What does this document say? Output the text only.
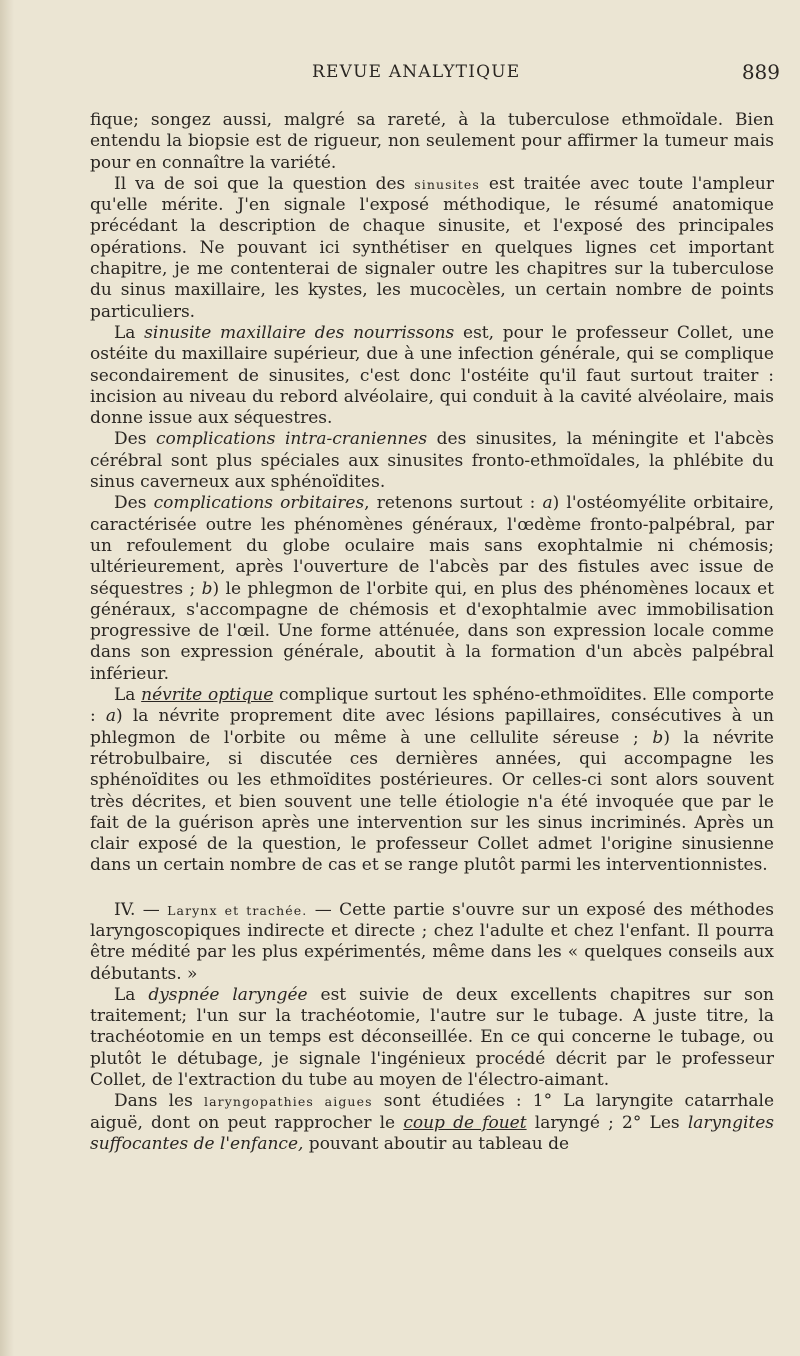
REVUE ANALYTIQUE	889

fique; songez aussi, malgré sa rareté, à la tuberculose ethmoïdale. Bien entendu la biopsie est de rigueur, non seulement pour affirmer la tumeur mais pour en connaître la variété.

Il va de soi que la question des sinusites est traitée avec toute l'ampleur qu'elle mérite. J'en signale l'exposé méthodique, le résumé anatomique précédant la description de chaque sinusite, et l'exposé des principales opérations. Ne pouvant ici synthétiser en quelques lignes cet important chapitre, je me contenterai de signaler outre les chapitres sur la tuberculose du sinus maxillaire, les kystes, les mucocèles, un certain nombre de points particuliers.

La sinusite maxillaire des nourrissons est, pour le professeur Collet, une ostéite du maxillaire supérieur, due à une infection générale, qui se complique secondairement de sinusites, c'est donc l'ostéite qu'il faut surtout traiter : incision au niveau du rebord alvéolaire, qui conduit à la cavité alvéolaire, mais donne issue aux séquestres.

Des complications intra-craniennes des sinusites, la méningite et l'abcès cérébral sont plus spéciales aux sinusites fronto-ethmoïdales, la phlébite du sinus caverneux aux sphénoïdites.

Des complications orbitaires, retenons surtout : a) l'ostéomyélite orbitaire, caractérisée outre les phénomènes généraux, l'œdème fronto-palpébral, par un refoulement du globe oculaire mais sans exophtalmie ni chémosis; ultérieurement, après l'ouverture de l'abcès par des fistules avec issue de séquestres ; b) le phlegmon de l'orbite qui, en plus des phénomènes locaux et généraux, s'accompagne de chémosis et d'exophtalmie avec immobilisation progressive de l'œil. Une forme atténuée, dans son expression locale comme dans son expression générale, aboutit à la formation d'un abcès palpébral inférieur.

La névrite optique complique surtout les sphéno-ethmoïdites. Elle comporte : a) la névrite proprement dite avec lésions papillaires, consécutives à un phlegmon de l'orbite ou même à une cellulite séreuse ; b) la névrite rétrobulbaire, si discutée ces dernières années, qui accompagne les sphénoïdites ou les ethmoïdites postérieures. Or celles-ci sont alors souvent très décrites, et bien souvent une telle étiologie n'a été invoquée que par le fait de la guérison après une intervention sur les sinus incriminés. Après un clair exposé de la question, le professeur Collet admet l'origine sinusienne dans un certain nombre de cas et se range plutôt parmi les interventionnistes.

IV. — Larynx et trachée. — Cette partie s'ouvre sur un exposé des méthodes laryngoscopiques indirecte et directe ; chez l'adulte et chez l'enfant. Il pourra être médité par les plus expérimentés, même dans les « quelques conseils aux débutants. »

La dyspnée laryngée est suivie de deux excellents chapitres sur son traitement; l'un sur la trachéotomie, l'autre sur le tubage. A juste titre, la trachéotomie en un temps est déconseillée. En ce qui concerne le tubage, ou plutôt le détubage, je signale l'ingénieux procédé décrit par le professeur Collet, de l'extraction du tube au moyen de l'électro-aimant.

Dans les laryngopathies aigues sont étudiées : 1° La laryngite catarrhale aiguë, dont on peut rapprocher le coup de fouet laryngé ; 2° Les laryngites suffocantes de l'enfance, pouvant aboutir au tableau de
